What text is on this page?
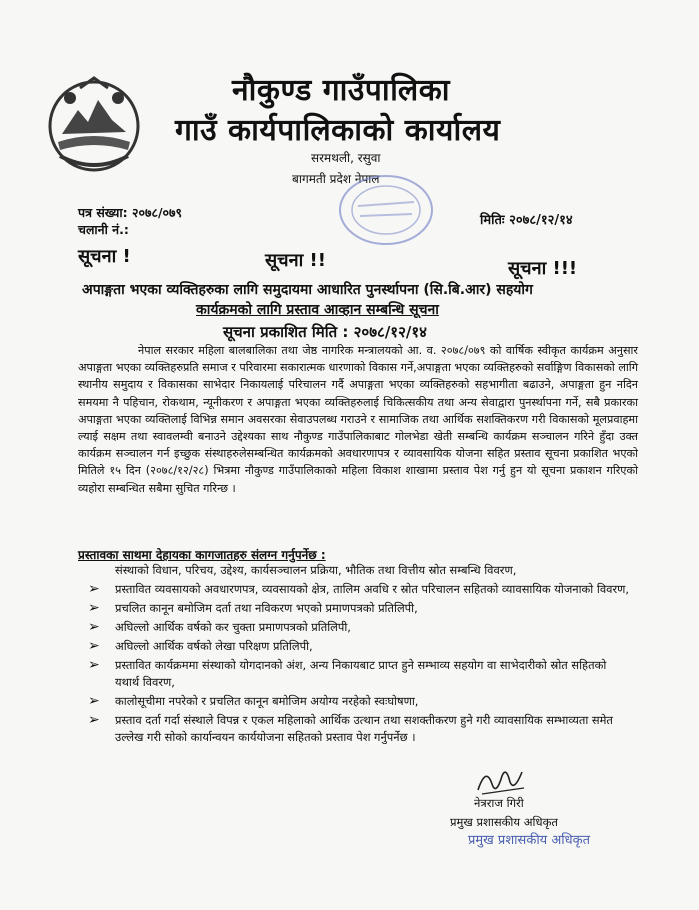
नौकुण्ड गाउँपालिका
गाउँ कार्यपालिकाको कार्यालय
सरमथली, रसुवा
बागमती प्रदेश नेपाल
पत्र संख्या: २०७८/०७९
चलानी नं.:
मितिः २०७८/१२/१४
सूचना !	सूचना !!	सूचना !!!
अपाङ्गता भएका व्यक्तिहरुका लागि समुदायमा आधारित पुनर्स्थापना (सि.बि.आर) सहयोग
कार्यक्रमको लागि प्रस्ताव आव्हान सम्बन्धि सूचना
सूचना प्रकाशित मिति : २०७८/१२/१४

नेपाल सरकार महिला बालबालिका तथा जेष्ठ नागरिक मन्त्रालयको आ. व. २०७८/०७९ को वार्षिक स्वीकृत कार्यक्रम अनुसार अपाङ्गता भएका व्यक्तिहरुप्रति समाज र परिवारमा सकारात्मक धारणाको विकास गर्ने,अपाङ्गता भएका व्यक्तिहरुको सर्वाङ्गिण विकासको लागि स्थानीय समुदाय र विकासका साभेदार निकायलाई परिचालन गर्दै अपाङ्गता भएका व्यक्तिहरुको सहभागीता बढाउने, अपाङ्गता हुन नदिन समयमा नै पहिचान, रोकथाम, न्यूनीकरण र अपाङ्गता भएका व्यक्तिहरुलाई चिकित्सकीय तथा अन्य सेवाद्वारा पुनर्स्थापना गर्ने, सबै प्रकारका अपाङ्गता भएका व्यक्तिलाई विभिन्न समान अवसरका सेवाउपलब्ध गराउने र सामाजिक तथा आर्थिक सशक्तिकरण गरी विकासको मूलप्रवाहमा ल्याई सक्षम तथा स्वावलम्वी बनाउने उद्देश्यका साथ नौकुण्ड गाउँपालिकाबाट गोलभेडा खेती सम्बन्धि कार्यक्रम सञ्चालन गरिने हुँदा उक्त कार्यक्रम सञ्चालन गर्न इच्छुक संस्थाहरुलेसम्बन्धित कार्यक्रमको अवधारणापत्र र व्यावसायिक योजना सहित प्रस्ताव सूचना प्रकाशित भएको मितिले १५ दिन (२०७८/१२/२८) भित्रमा नौकुण्ड गाउँपालिकाको महिला विकाश शाखामा प्रस्ताव पेश गर्नु हुन यो सूचना प्रकाशन गरिएको व्यहोरा सम्बन्धित सबैमा सुचित गरिन्छ ।

प्रस्तावका साथमा देहायका कागजातहरु संलग्न गर्नुपर्नेछ :
संस्थाको विधान, परिचय, उद्देश्य, कार्यसञ्चालन प्रक्रिया, भौतिक तथा वित्तीय स्रोत सम्बन्धि विवरण,
➢ प्रस्तावित व्यवसायको अवधारणपत्र, व्यवसायको क्षेत्र, तालिम अवधि र स्रोत परिचालन सहितको व्यावसायिक योजनाको विवरण,
➢ प्रचलित कानून बमोजिम दर्ता तथा नविकरण भएको प्रमाणपत्रको प्रतिलिपी,
➢ अघिल्लो आर्थिक वर्षको कर चुक्ता प्रमाणपत्रको प्रतिलिपी,
➢ अघिल्लो आर्थिक वर्षको लेखा परिक्षण प्रतिलिपी,
➢ प्रस्तावित कार्यक्रममा संस्थाको योगदानको अंश, अन्य निकायबाट प्राप्त हुने सम्भाव्य सहयोग वा साभेदारीको स्रोत सहितको यथार्थ विवरण,
➢ कालोसूचीमा नपरेको र प्रचलित कानून बमोजिम अयोग्य नरहेको स्वःघोषणा,
➢ प्रस्ताव दर्ता गर्दा संस्थाले विपन्न र एकल महिलाको आर्थिक उत्थान तथा सशक्तीकरण हुने गरी व्यावसायिक सम्भाव्यता समेत उल्लेख गरी सोको कार्यान्वयन कार्ययोजना सहितको प्रस्ताव पेश गर्नुपर्नेछ ।
नेत्रराज गिरी
प्रमुख प्रशासकीय अधिकृत
प्रमुख प्रशासकीय अधिकृत
